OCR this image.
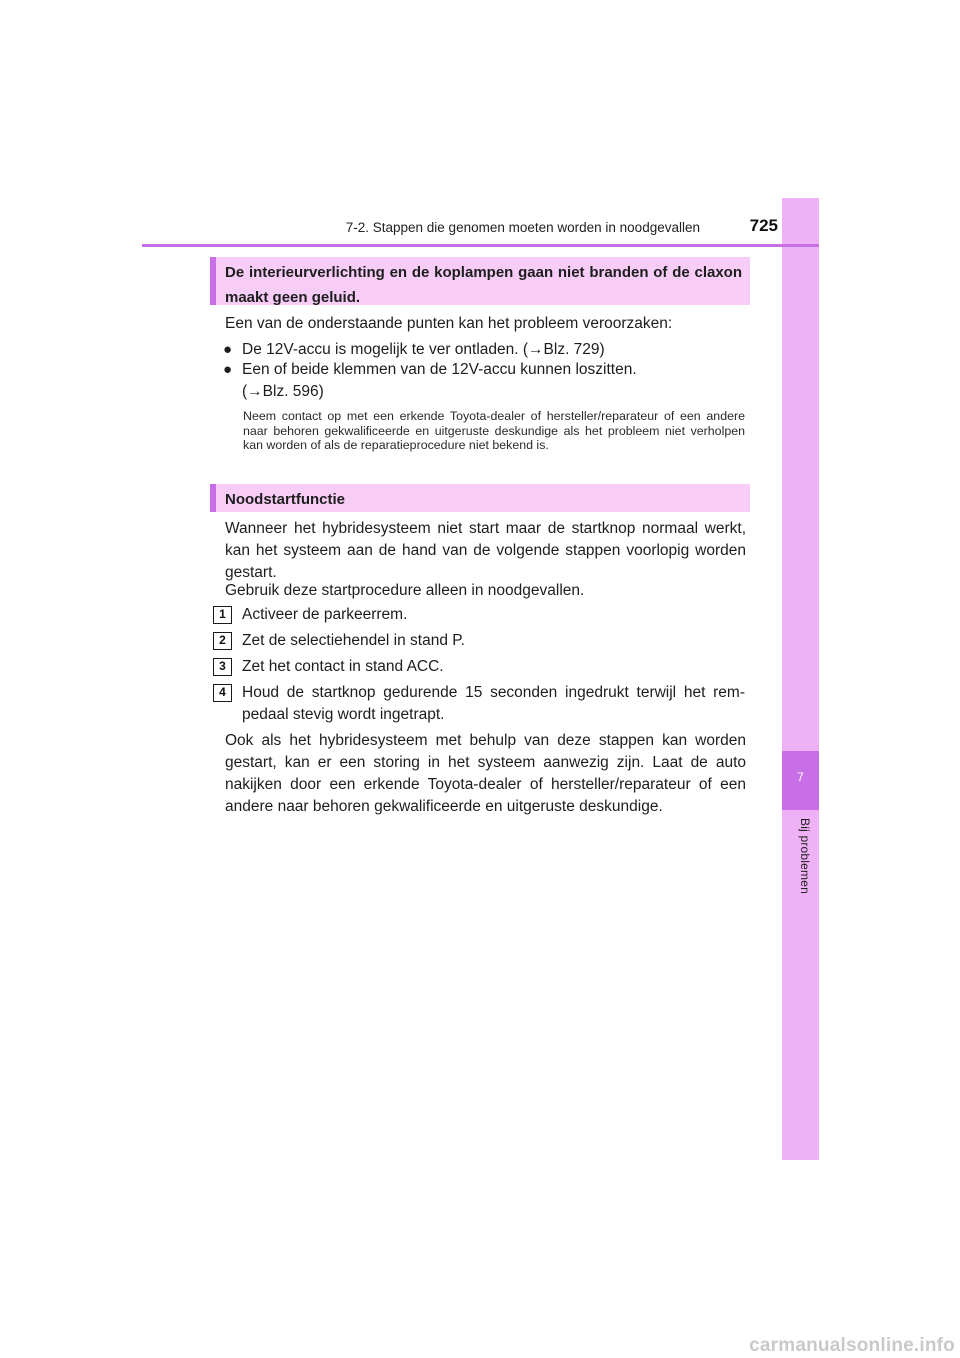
7
Bij problemen
7-2. Stappen die genomen moeten worden in noodgevallen	725
De interieurverlichting en de koplampen gaan niet branden of de claxon maakt geen geluid.
Een van de onderstaande punten kan het probleem veroorzaken:
● De 12V-accu is mogelijk te ver ontladen. (→Blz. 729)
● Een of beide klemmen van de 12V-accu kunnen loszitten.
(→Blz. 596)
Neem contact op met een erkende Toyota-dealer of hersteller/reparateur of een andere naar behoren gekwalificeerde en uitgeruste deskundige als het probleem niet verholpen kan worden of als de reparatieprocedure niet bekend is.
Noodstartfunctie
Wanneer het hybridesysteem niet start maar de startknop normaal werkt, kan het systeem aan de hand van de volgende stappen voorlopig worden gestart.
Gebruik deze startprocedure alleen in noodgevallen.
1	Activeer de parkeerrem.
2	Zet de selectiehendel in stand P.
3	Zet het contact in stand ACC.
4	Houd de startknop gedurende 15 seconden ingedrukt terwijl het rem-pedaal stevig wordt ingetrapt.
Ook als het hybridesysteem met behulp van deze stappen kan worden gestart, kan er een storing in het systeem aanwezig zijn. Laat de auto nakijken door een erkende Toyota-dealer of hersteller/reparateur of een andere naar behoren gekwalificeerde en uitgeruste deskundige.
carmanualsonline.info
